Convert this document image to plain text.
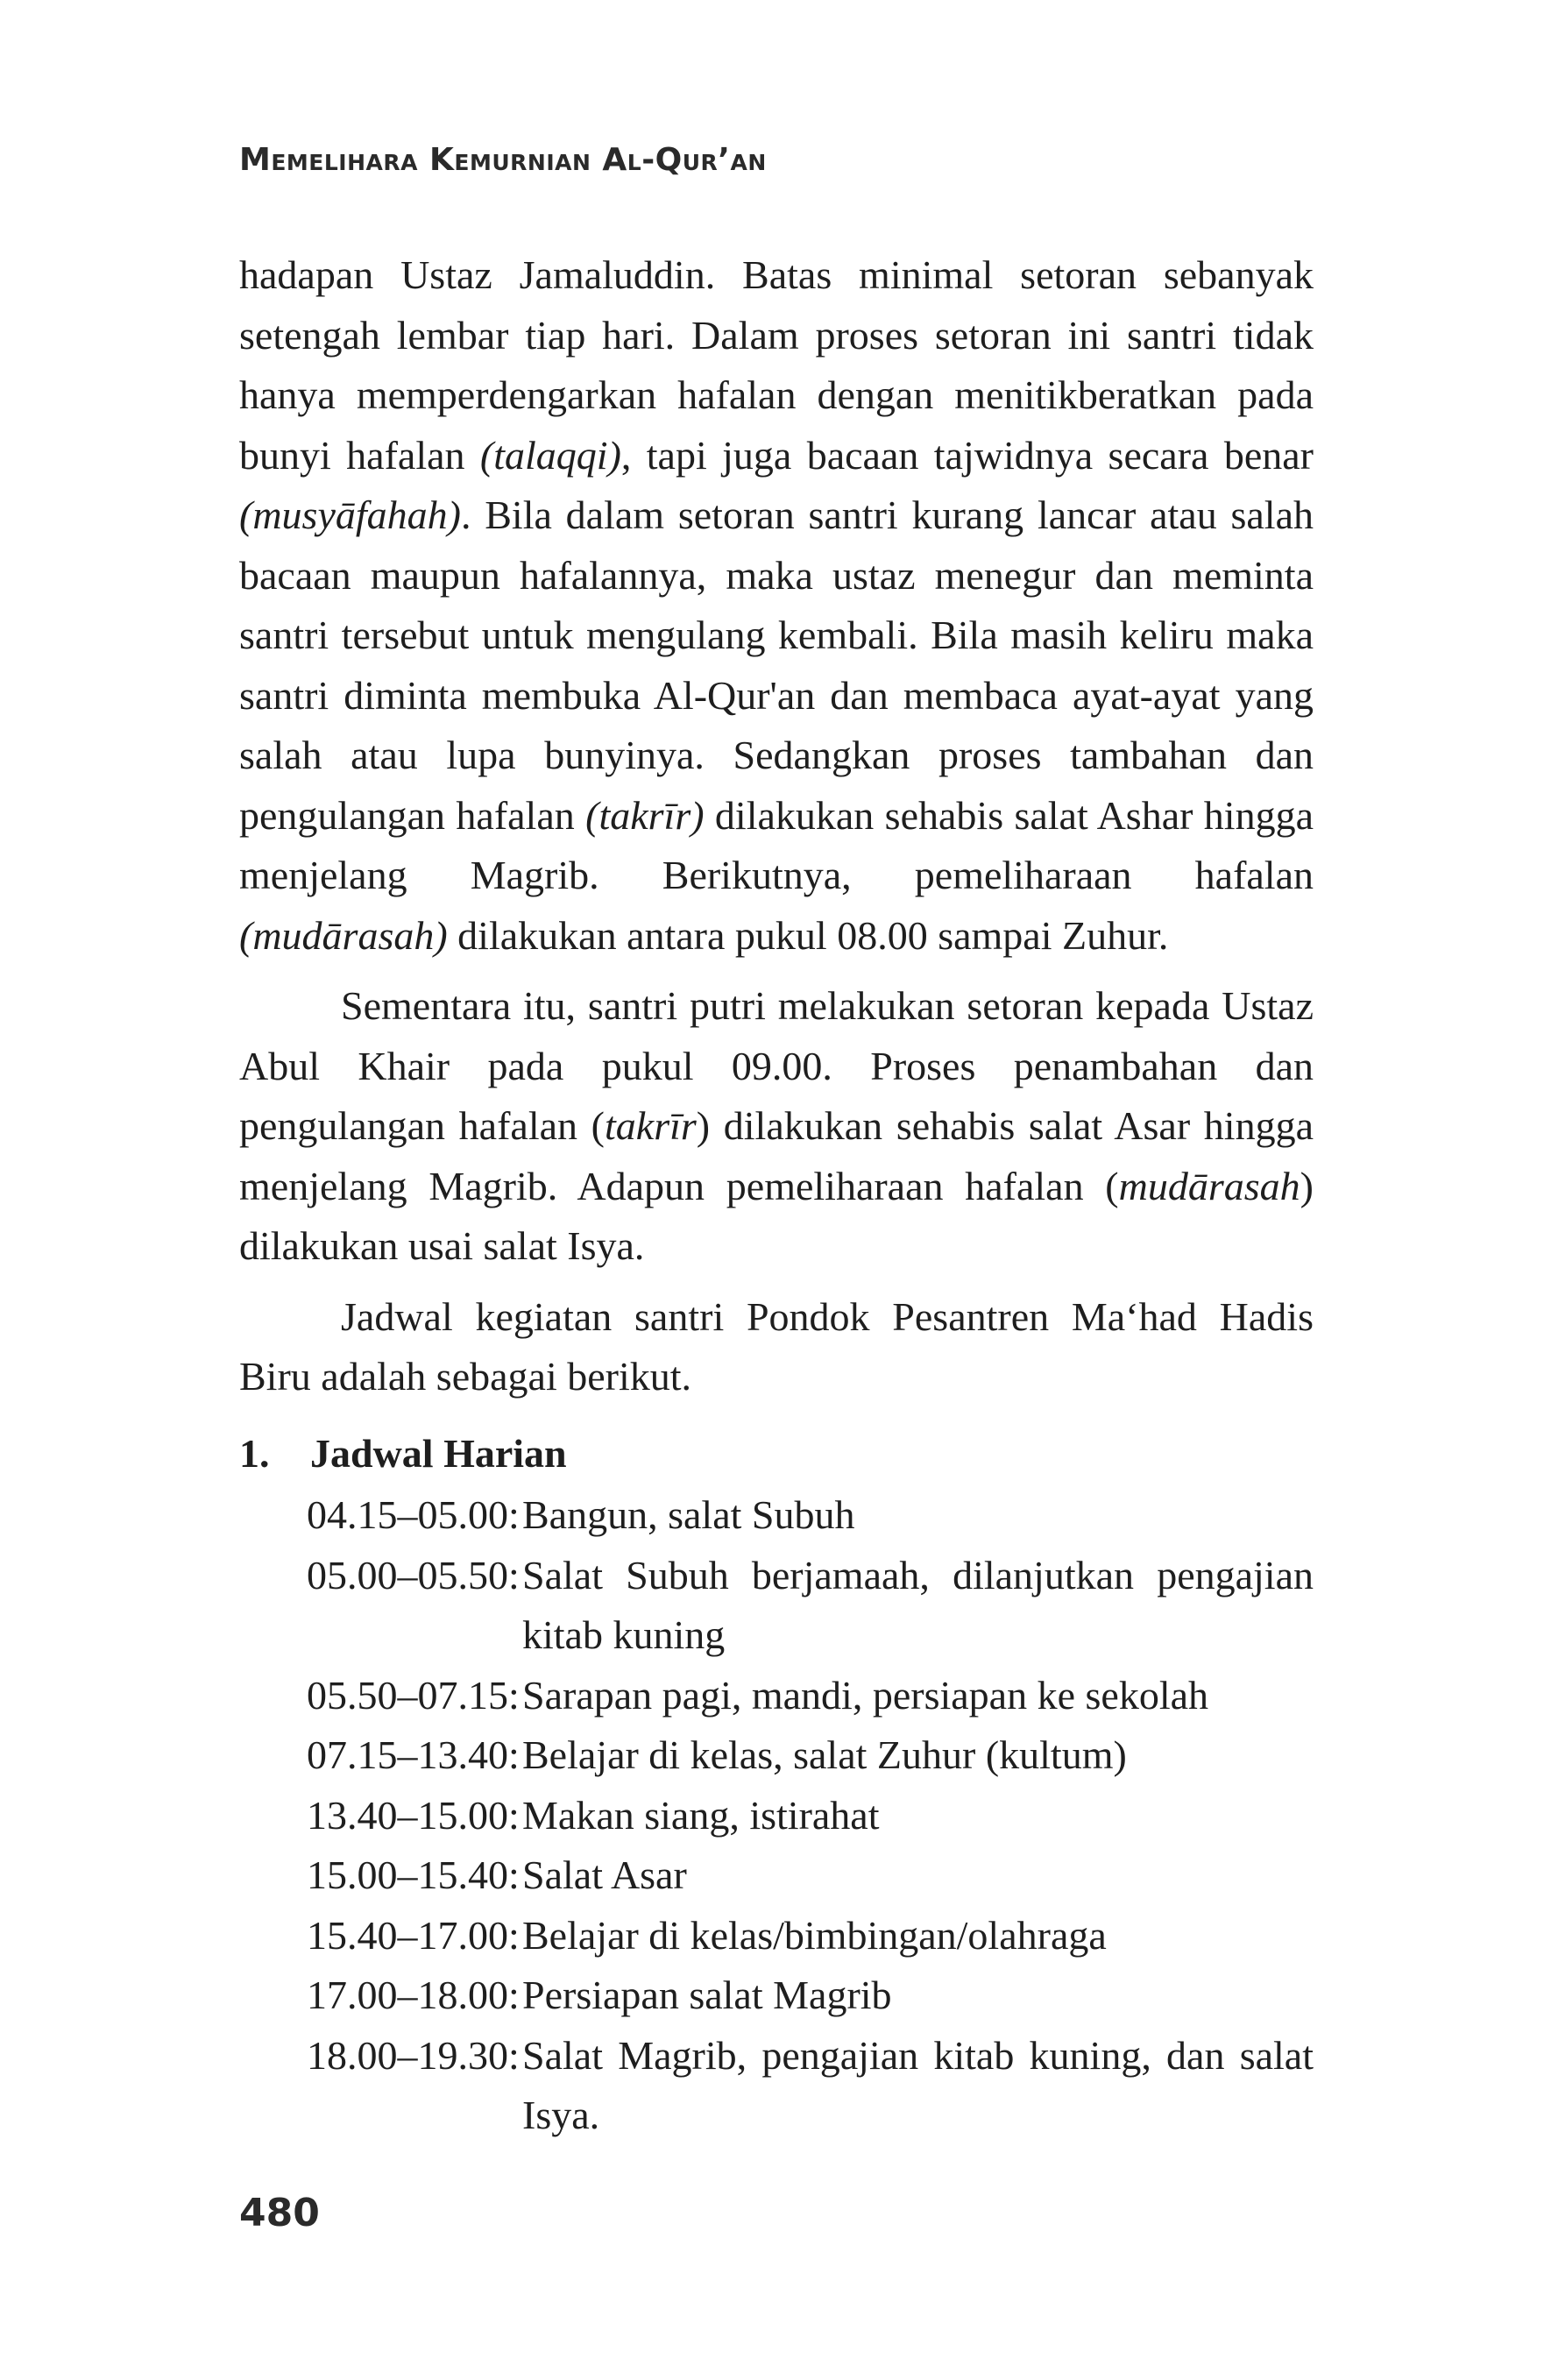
Memelihara Kemurnian Al-Qur’an

hadapan Ustaz Jamaluddin. Batas minimal setoran sebanyak setengah lembar tiap hari. Dalam proses setoran ini santri tidak hanya memperdengarkan hafalan dengan menitikberatkan pada bunyi hafalan (talaqqi), tapi juga bacaan tajwidnya secara benar (musyāfahah). Bila dalam setoran santri kurang lancar atau salah bacaan maupun hafalannya, maka ustaz menegur dan meminta santri tersebut untuk mengulang kembali. Bila masih keliru maka santri diminta membuka Al-Qur'an dan membaca ayat-ayat yang salah atau lupa bunyinya. Sedangkan proses tambahan dan pengulangan hafalan (takrīr) dilakukan sehabis salat Ashar hingga menjelang Magrib. Berikutnya, pemeliharaan hafalan (mudārasah) dilakukan antara pukul 08.00 sampai Zuhur.

Sementara itu, santri putri melakukan setoran kepada Ustaz Abul Khair pada pukul 09.00. Proses penambahan dan pengulangan hafalan (takrīr) dilakukan sehabis salat Asar hingga menjelang Magrib. Adapun pemeliharaan hafalan (mudārasah) dilakukan usai salat Isya.

Jadwal kegiatan santri Pondok Pesantren Ma‘had Hadis Biru adalah sebagai berikut.

1.	Jadwal Harian
04.15–05.00: Bangun, salat Subuh
05.00–05.50: Salat Subuh berjamaah, dilanjutkan pengajian kitab kuning
05.50–07.15: Sarapan pagi, mandi, persiapan ke sekolah
07.15–13.40: Belajar di kelas, salat Zuhur (kultum)
13.40–15.00: Makan siang, istirahat
15.00–15.40: Salat Asar
15.40–17.00: Belajar di kelas/bimbingan/olahraga
17.00–18.00: Persiapan salat Magrib
18.00–19.30: Salat Magrib, pengajian kitab kuning, dan salat Isya.
480
